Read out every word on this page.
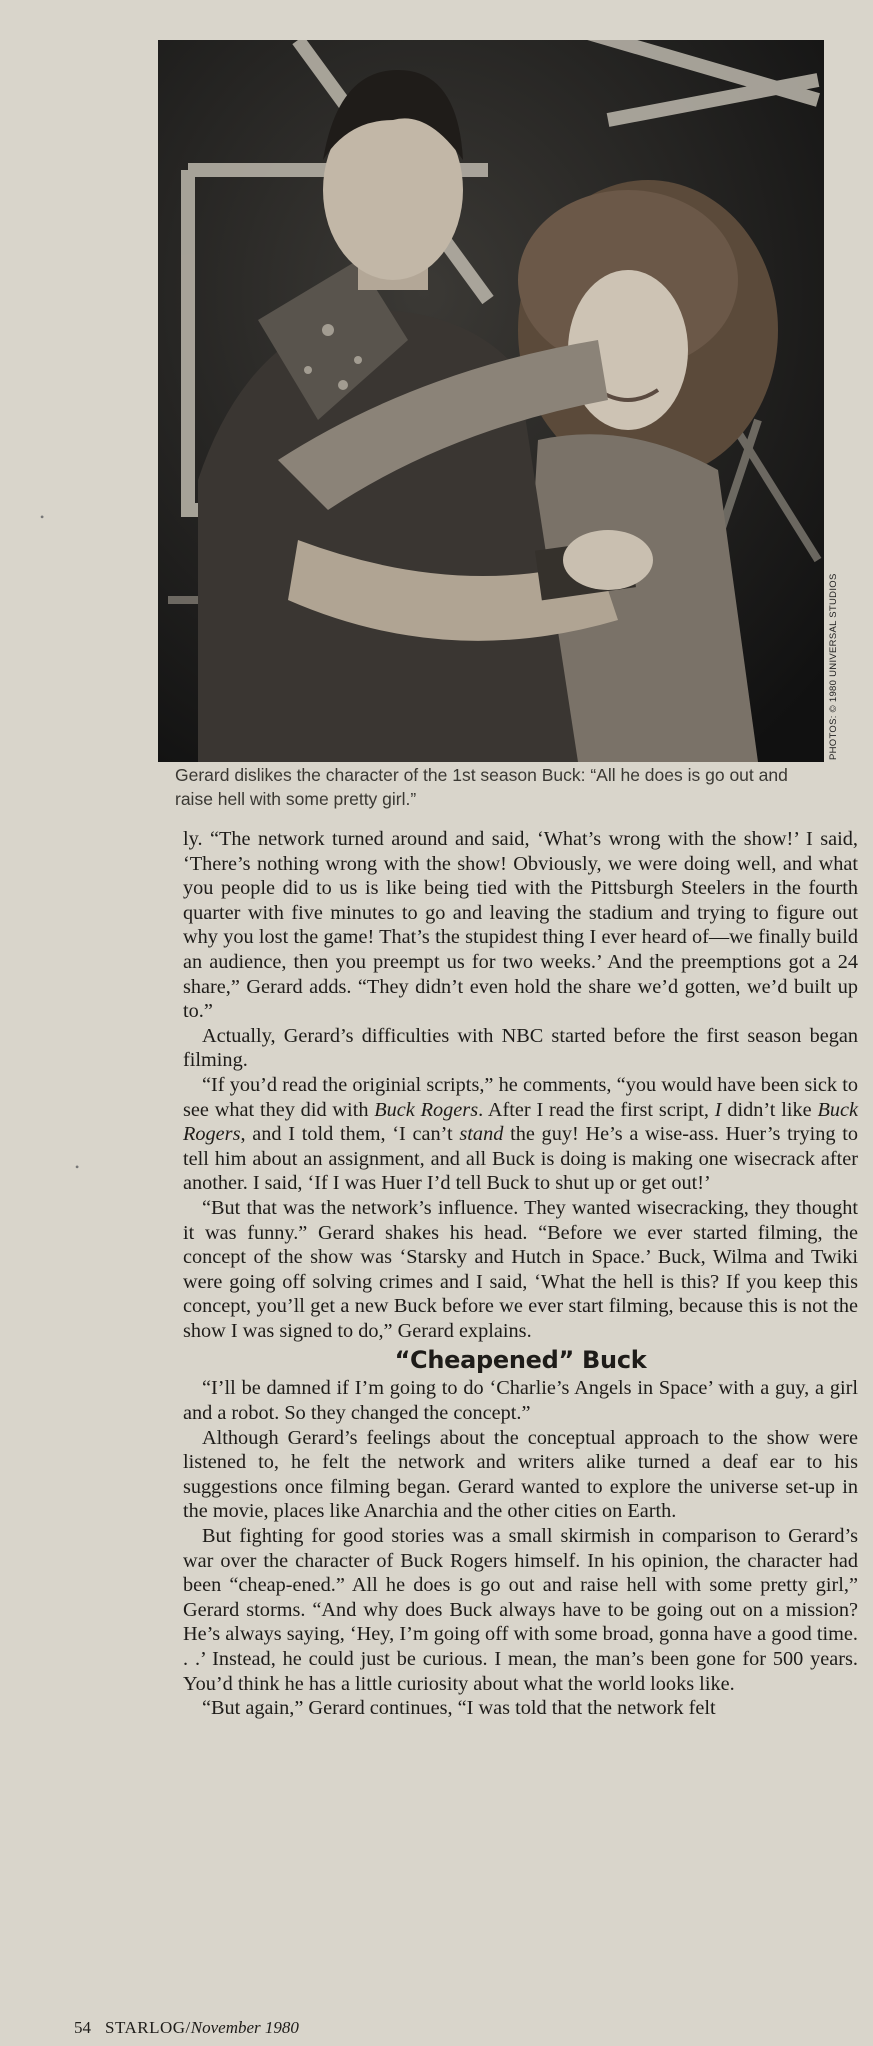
PHOTOS: © 1980 UNIVERSAL STUDIOS
Gerard dislikes the character of the 1st season Buck: “All he does is go out and raise hell with some pretty girl.”

ly. “The network turned around and said, ‘What’s wrong with the show!’ I said, ‘There’s nothing wrong with the show! Obviously, we were doing well, and what you people did to us is like being tied with the Pittsburgh Steelers in the fourth quarter with five minutes to go and leaving the stadium and trying to figure out why you lost the game! That’s the stupidest thing I ever heard of—we finally build an audience, then you preempt us for two weeks.’ And the preemptions got a 24 share,” Gerard adds. “They didn’t even hold the share we’d gotten, we’d built up to.”

Actually, Gerard’s difficulties with NBC started before the first season began filming.

“If you’d read the originial scripts,” he comments, “you would have been sick to see what they did with Buck Rogers. After I read the first script, I didn’t like Buck Rogers, and I told them, ‘I can’t stand the guy! He’s a wise-ass. Huer’s trying to tell him about an assignment, and all Buck is doing is making one wisecrack after another. I said, ‘If I was Huer I’d tell Buck to shut up or get out!’

“But that was the network’s influence. They wanted wisecracking, they thought it was funny.” Gerard shakes his head. “Before we ever started filming, the concept of the show was ‘Starsky and Hutch in Space.’ Buck, Wilma and Twiki were going off solving crimes and I said, ‘What the hell is this? If you keep this concept, you’ll get a new Buck before we ever start filming, because this is not the show I was signed to do,” Gerard explains.

“Cheapened” Buck

“I’ll be damned if I’m going to do ‘Charlie’s Angels in Space’ with a guy, a girl and a robot. So they changed the concept.”

Although Gerard’s feelings about the conceptual approach to the show were listened to, he felt the network and writers alike turned a deaf ear to his suggestions once filming began. Gerard wanted to explore the universe set-up in the movie, places like Anarchia and the other cities on Earth.

But fighting for good stories was a small skirmish in comparison to Gerard’s war over the character of Buck Rogers himself. In his opinion, the character had been “cheap-ened.” All he does is go out and raise hell with some pretty girl,” Gerard storms. “And why does Buck always have to be going out on a mission? He’s always saying, ‘Hey, I’m going off with some broad, gonna have a good time. . .’ Instead, he could just be curious. I mean, the man’s been gone for 500 years. You’d think he has a little curiosity about what the world looks like.

“But again,” Gerard continues, “I was told that the network felt

54 STARLOG/November 1980
•
•
